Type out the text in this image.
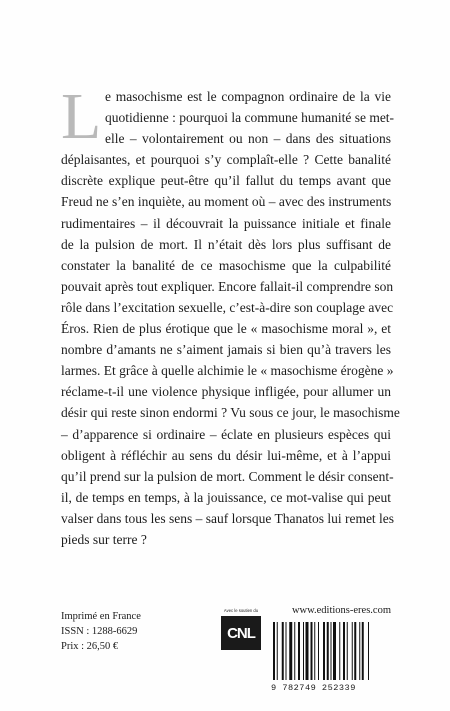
L e masochisme est le compagnon ordinaire de la vie
quotidienne : pourquoi la commune humanité se met-
elle – volontairement ou non – dans des situations
déplaisantes, et pourquoi s’y complaît-elle ? Cette banalité
discrète explique peut-être qu’il fallut du temps avant que
Freud ne s’en inquiète, au moment où – avec des instruments
rudimentaires – il découvrait la puissance initiale et finale
de la pulsion de mort. Il n’était dès lors plus suffisant de
constater la banalité de ce masochisme que la culpabilité
pouvait après tout expliquer. Encore fallait-il comprendre son
rôle dans l’excitation sexuelle, c’est-à-dire son couplage avec
Éros. Rien de plus érotique que le « masochisme moral », et
nombre d’amants ne s’aiment jamais si bien qu’à travers les
larmes. Et grâce à quelle alchimie le « masochisme érogène »
réclame-t-il une violence physique infligée, pour allumer un
désir qui reste sinon endormi ? Vu sous ce jour, le masochisme
– d’apparence si ordinaire – éclate en plusieurs espèces qui
obligent à réfléchir au sens du désir lui-même, et à l’appui
qu’il prend sur la pulsion de mort. Comment le désir consent-
il, de temps en temps, à la jouissance, ce mot-valise qui peut
valser dans tous les sens – sauf lorsque Thanatos lui remet les
pieds sur terre ?
Imprimé en France
ISSN : 1288-6629
Prix : 26,50 €
Avec le soutien du
CNL
www.editions-eres.com
9 782749 252339
